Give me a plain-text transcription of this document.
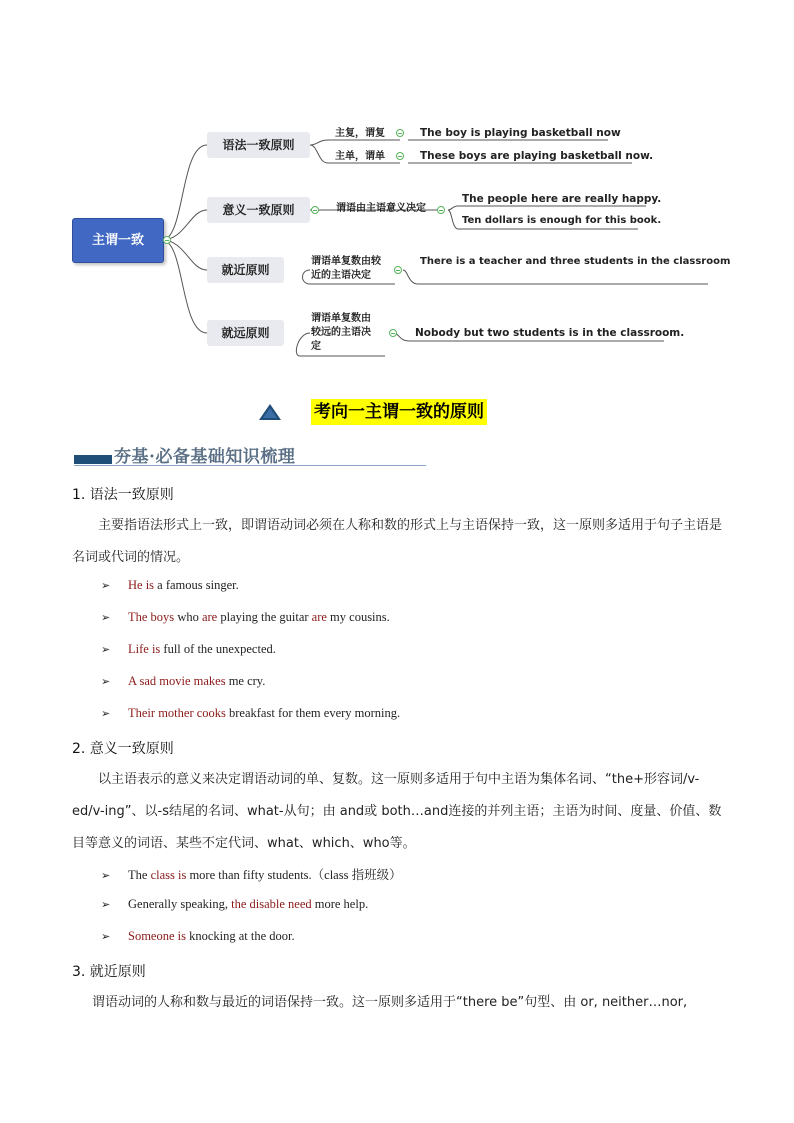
主谓一致
语法一致原则
主复，谓复	The boy is playing basketball now
主单，谓单	These boys are playing basketball now.
意义一致原则	谓语由主语意义决定
The people here are really happy.
Ten dollars is enough for this book.
就近原则
谓语单复数由较近的主语决定
There is a teacher and three students in the classroom
就远原则
谓语单复数由较远的主语决定
Nobody but two students is in the classroom.
考向一主谓一致的原则
夯基·必备基础知识梳理
1. 语法一致原则
主要指语法形式上一致，即谓语动词必须在人称和数的形式上与主语保持一致，这一原则多适用于句子主语是名词或代词的情况。
➢ He is a famous singer.
➢ The boys who are playing the guitar are my cousins.
➢ Life is full of the unexpected.
➢ A sad movie makes me cry.
➢ Their mother cooks breakfast for them every morning.
2. 意义一致原则
以主语表示的意义来决定谓语动词的单、复数。这一原则多适用于句中主语为集体名词、“the+形容词/v-ed/v-ing”、以-s结尾的名词、what-从句；由 and或 both…and连接的并列主语；主语为时间、度量、价值、数目等意义的词语、某些不定代词、what、which、who等。
➢ The class is more than fifty students.（class 指班级）
➢ Generally speaking, the disable need more help.
➢ Someone is knocking at the door.
3. 就近原则
谓语动词的人称和数与最近的词语保持一致。这一原则多适用于“there be”句型、由 or, neither…nor,
